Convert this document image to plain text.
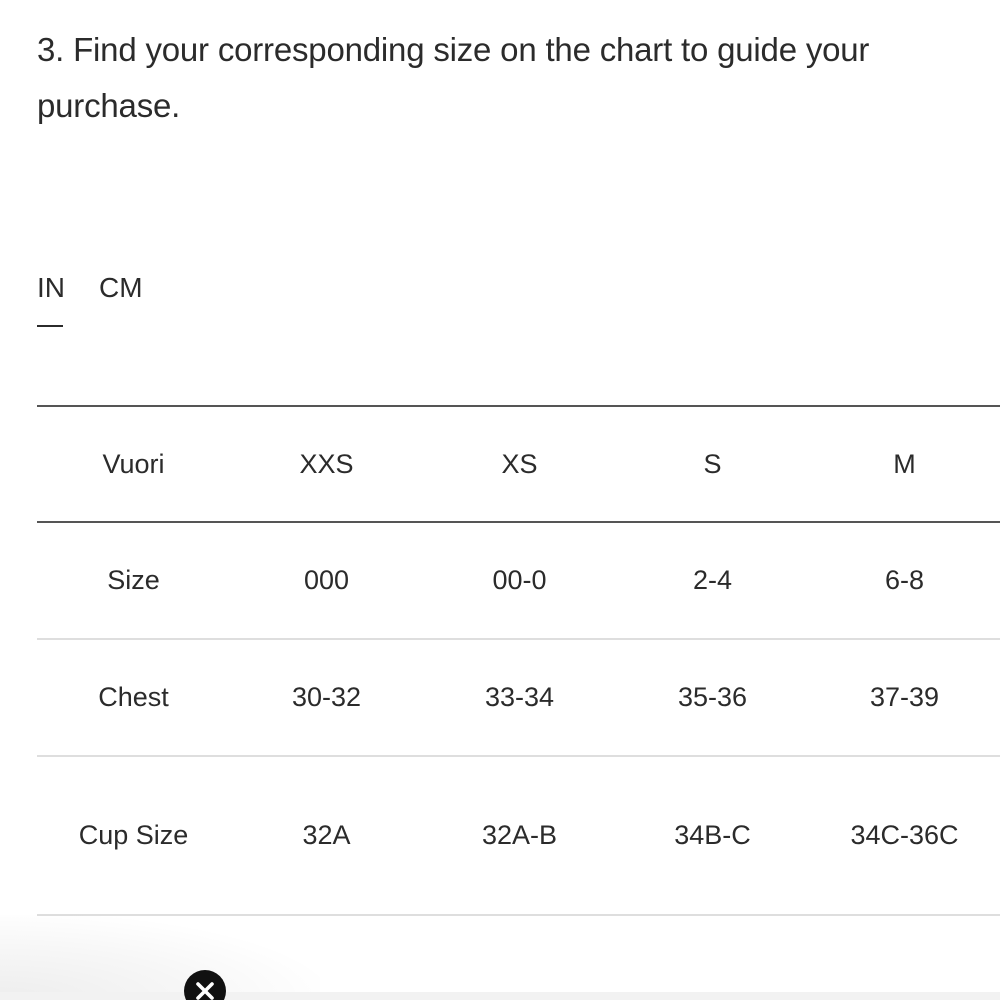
3. Find your corresponding size on the chart to guide your purchase.

IN CM
Vuori	XXS	XS	S	M
Size	000	00-0	2-4	6-8
Chest	30-32	33-34	35-36	37-39
Cup Size	32A	32A-B	34B-C	34C-36C
